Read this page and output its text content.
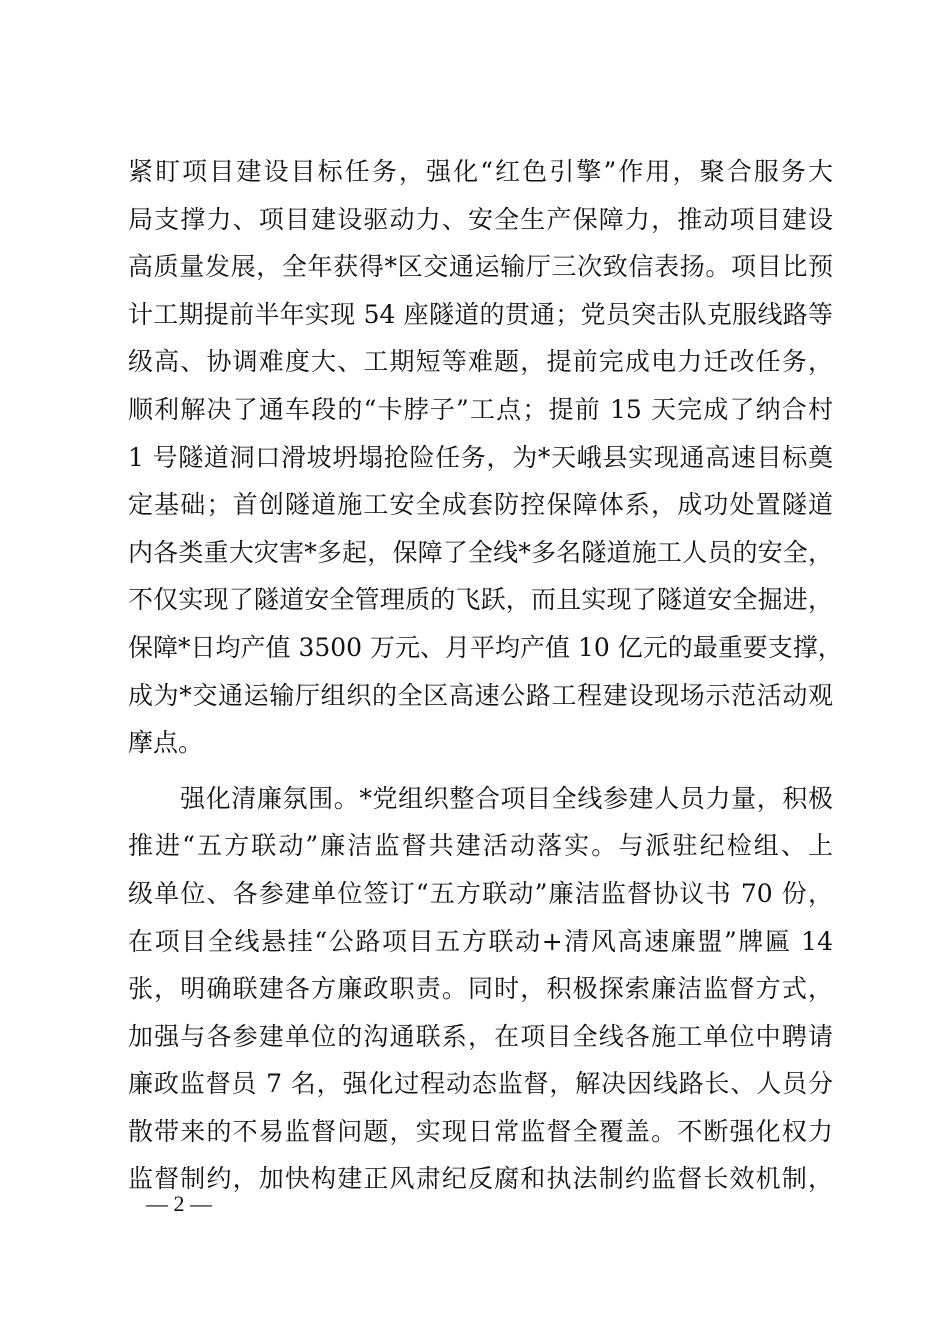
紧盯项目建设目标任务，强化“红色引擎”作用，聚合服务大
局支撑力、项目建设驱动力、安全生产保障力，推动项目建设
高质量发展，全年获得*区交通运输厅三次致信表扬。项目比预
计工期提前半年实现 54 座隧道的贯通；党员突击队克服线路等
级高、协调难度大、工期短等难题，提前完成电力迁改任务，
顺利解决了通车段的“卡脖子”工点；提前 15 天完成了纳合村
1 号隧道洞口滑坡坍塌抢险任务，为*天峨县实现通高速目标奠
定基础；首创隧道施工安全成套防控保障体系，成功处置隧道
内各类重大灾害*多起，保障了全线*多名隧道施工人员的安全，
不仅实现了隧道安全管理质的飞跃，而且实现了隧道安全掘进，
保障*日均产值 3500 万元、月平均产值 10 亿元的最重要支撑，
成为*交通运输厅组织的全区高速公路工程建设现场示范活动观
摩点。
强化清廉氛围。*党组织整合项目全线参建人员力量，积极
推进“五方联动”廉洁监督共建活动落实。与派驻纪检组、上
级单位、各参建单位签订“五方联动”廉洁监督协议书 70 份，
在项目全线悬挂“公路项目五方联动+清风高速廉盟”牌匾 14
张，明确联建各方廉政职责。同时，积极探索廉洁监督方式，
加强与各参建单位的沟通联系，在项目全线各施工单位中聘请
廉政监督员 7 名，强化过程动态监督，解决因线路长、人员分
散带来的不易监督问题，实现日常监督全覆盖。不断强化权力
监督制约，加快构建正风肃纪反腐和执法制约监督长效机制，
— 2 —
